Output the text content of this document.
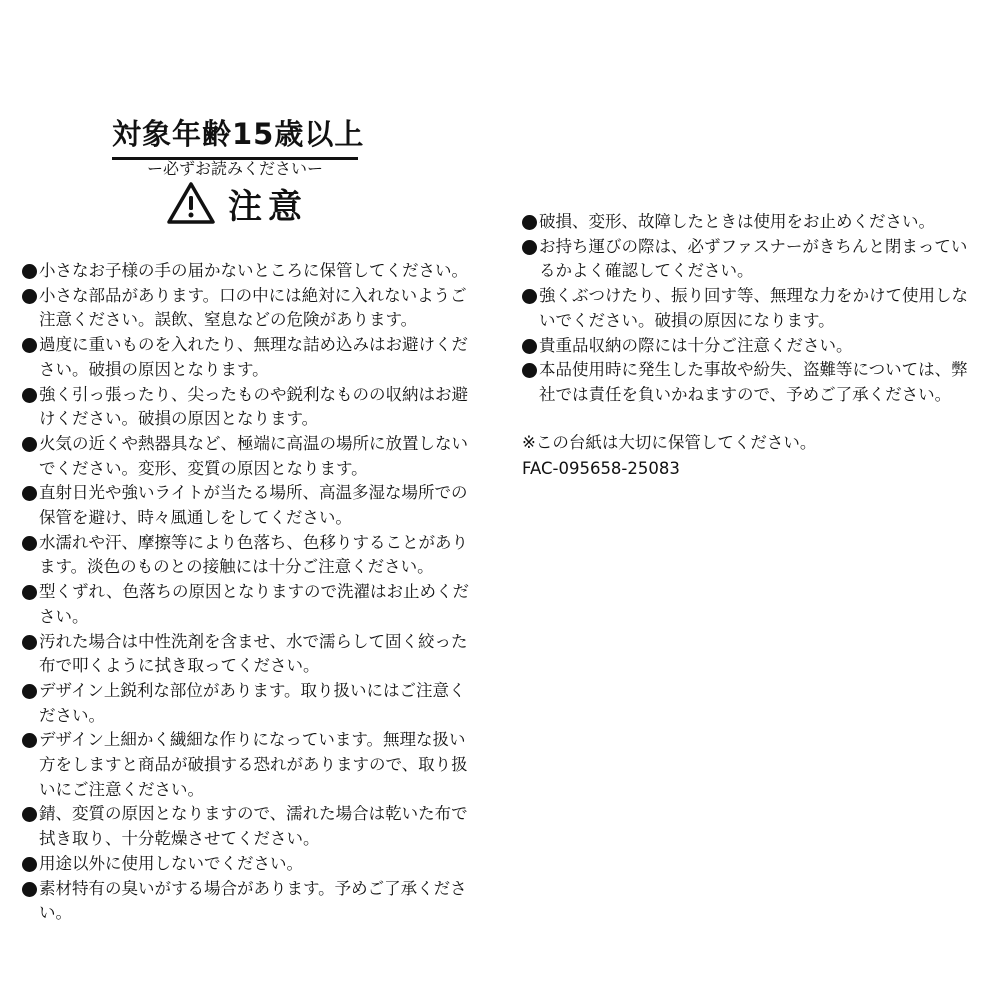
対象年齢15歳以上
ー必ずお読みくださいー
注意
小さなお子様の手の届かないところに保管してください。
小さな部品があります。口の中には絶対に入れないようご注意ください。誤飲、窒息などの危険があります。
過度に重いものを入れたり、無理な詰め込みはお避けください。破損の原因となります。
強く引っ張ったり、尖ったものや鋭利なものの収納はお避けください。破損の原因となります。
火気の近くや熱器具など、極端に高温の場所に放置しないでください。変形、変質の原因となります。
直射日光や強いライトが当たる場所、高温多湿な場所での保管を避け、時々風通しをしてください。
水濡れや汗、摩擦等により色落ち、色移りすることがあります。淡色のものとの接触には十分ご注意ください。
型くずれ、色落ちの原因となりますので洗濯はお止めください。
汚れた場合は中性洗剤を含ませ、水で濡らして固く絞った布で叩くように拭き取ってください。
デザイン上鋭利な部位があります。取り扱いにはご注意ください。
デザイン上細かく繊細な作りになっています。無理な扱い方をしますと商品が破損する恐れがありますので、取り扱いにご注意ください。
錆、変質の原因となりますので、濡れた場合は乾いた布で拭き取り、十分乾燥させてください。
用途以外に使用しないでください。
素材特有の臭いがする場合があります。予めご了承ください。
破損、変形、故障したときは使用をお止めください。
お持ち運びの際は、必ずファスナーがきちんと閉まっているかよく確認してください。
強くぶつけたり、振り回す等、無理な力をかけて使用しないでください。破損の原因になります。
貴重品収納の際には十分ご注意ください。
本品使用時に発生した事故や紛失、盗難等については、弊社では責任を負いかねますので、予めご了承ください。
※この台紙は大切に保管してください。
FAC-095658-25083
